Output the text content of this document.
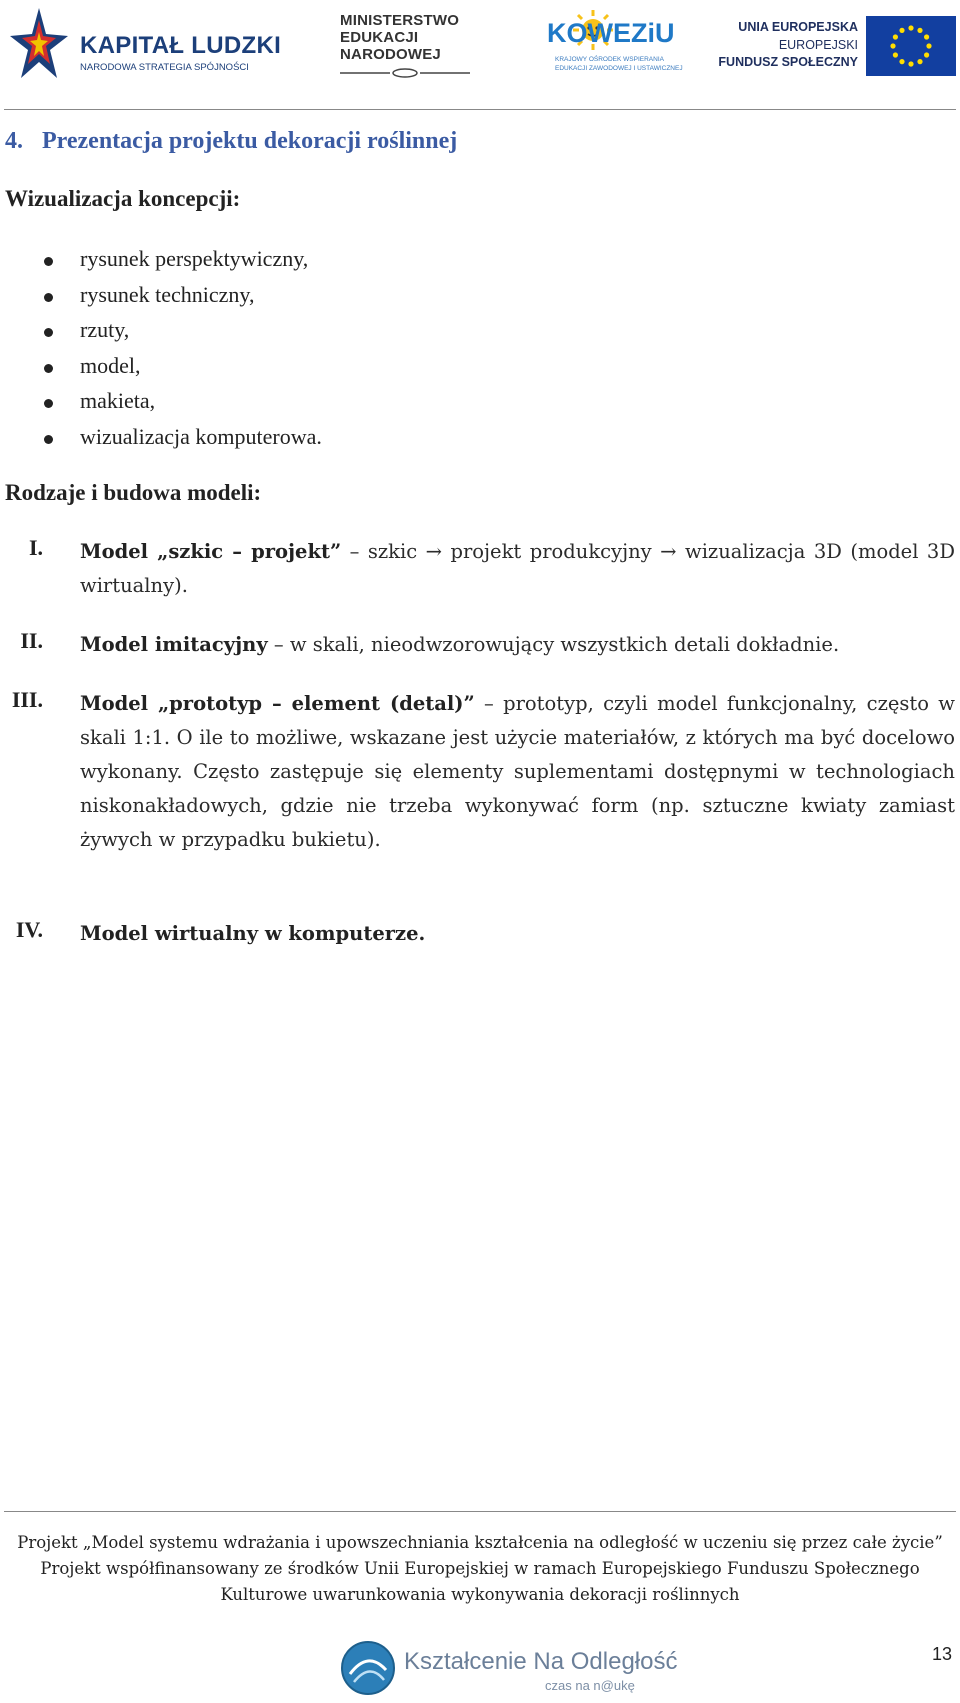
KAPITAŁ LUDZKI
NARODOWA STRATEGIA SPÓJNOŚCI
MINISTERSTWO
EDUKACJI
NARODOWEJ
KOWEZiU
KRAJOWY OŚRODEK WSPIERANIA
EDUKACJI ZAWODOWEJ I USTAWICZNEJ
UNIA EUROPEJSKA
EUROPEJSKI
FUNDUSZ SPOŁECZNY
4. Prezentacja projektu dekoracji roślinnej
Wizualizacja koncepcji:
rysunek perspektywiczny,
rysunek techniczny,
rzuty,
model,
makieta,
wizualizacja komputerowa.
Rodzaje i budowa modeli:
I. Model „szkic – projekt” – szkic → projekt produkcyjny → wizualizacja 3D (model 3D wirtualny).
II. Model imitacyjny – w skali, nieodwzorowujący wszystkich detali dokładnie.
III. Model „prototyp – element (detal)” – prototyp, czyli model funkcjonalny, często w skali 1:1. O ile to możliwe, wskazane jest użycie materiałów, z których ma być docelowo wykonany. Często zastępuje się elementy suplementami dostępnymi w technologiach niskonakładowych, gdzie nie trzeba wykonywać form (np. sztuczne kwiaty zamiast żywych w przypadku bukietu).
IV. Model wirtualny w komputerze.
Projekt „Model systemu wdrażania i upowszechniania kształcenia na odległość w uczeniu się przez całe życie”
Projekt współfinansowany ze środków Unii Europejskiej w ramach Europejskiego Funduszu Społecznego
Kulturowe uwarunkowania wykonywania dekoracji roślinnych
13
Kształcenie Na Odległość
czas na n@ukę
